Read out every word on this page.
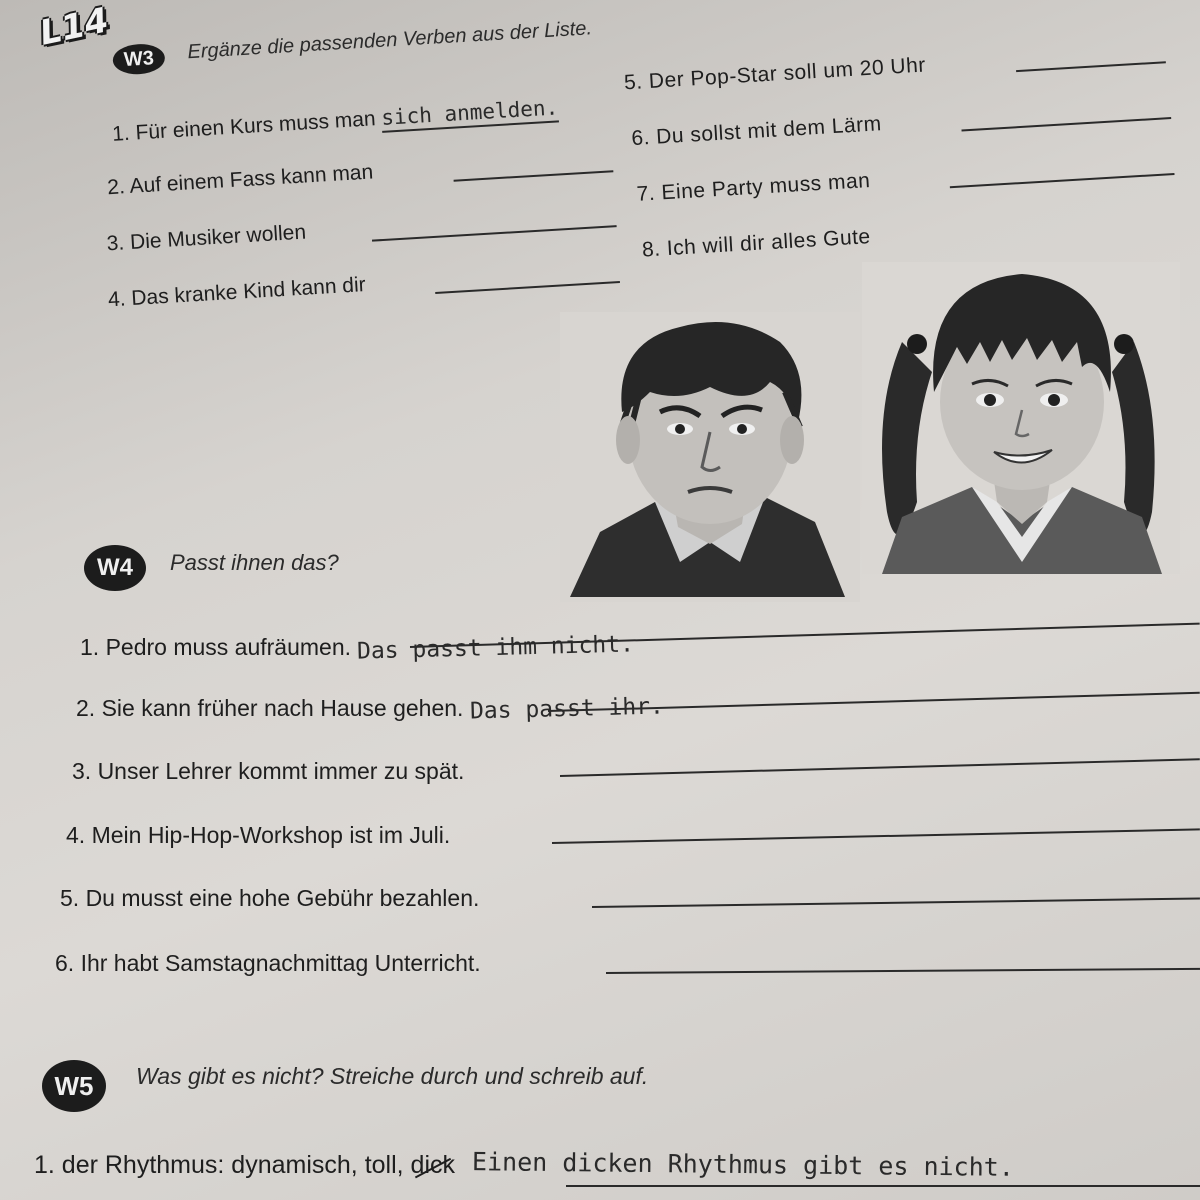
L14
W3	Ergänze die passenden Verben aus der Liste.
1. Für einen Kurs muss man sich anmelden.
2. Auf einem Fass kann man
3. Die Musiker wollen
4. Das kranke Kind kann dir
5. Der Pop-Star soll um 20 Uhr
6. Du sollst mit dem Lärm
7. Eine Party muss man
8. Ich will dir alles Gute
W4	Passt ihnen das?
1. Pedro muss aufräumen. Das passt ihm nicht.
2. Sie kann früher nach Hause gehen. Das passt ihr.
3. Unser Lehrer kommt immer zu spät.
4. Mein Hip-Hop-Workshop ist im Juli.
5. Du musst eine hohe Gebühr bezahlen.
6. Ihr habt Samstagnachmittag Unterricht.
W5	Was gibt es nicht? Streiche durch und schreib auf.
1. der Rhythmus: dynamisch, toll, dick Einen dicken Rhythmus gibt es nicht.
